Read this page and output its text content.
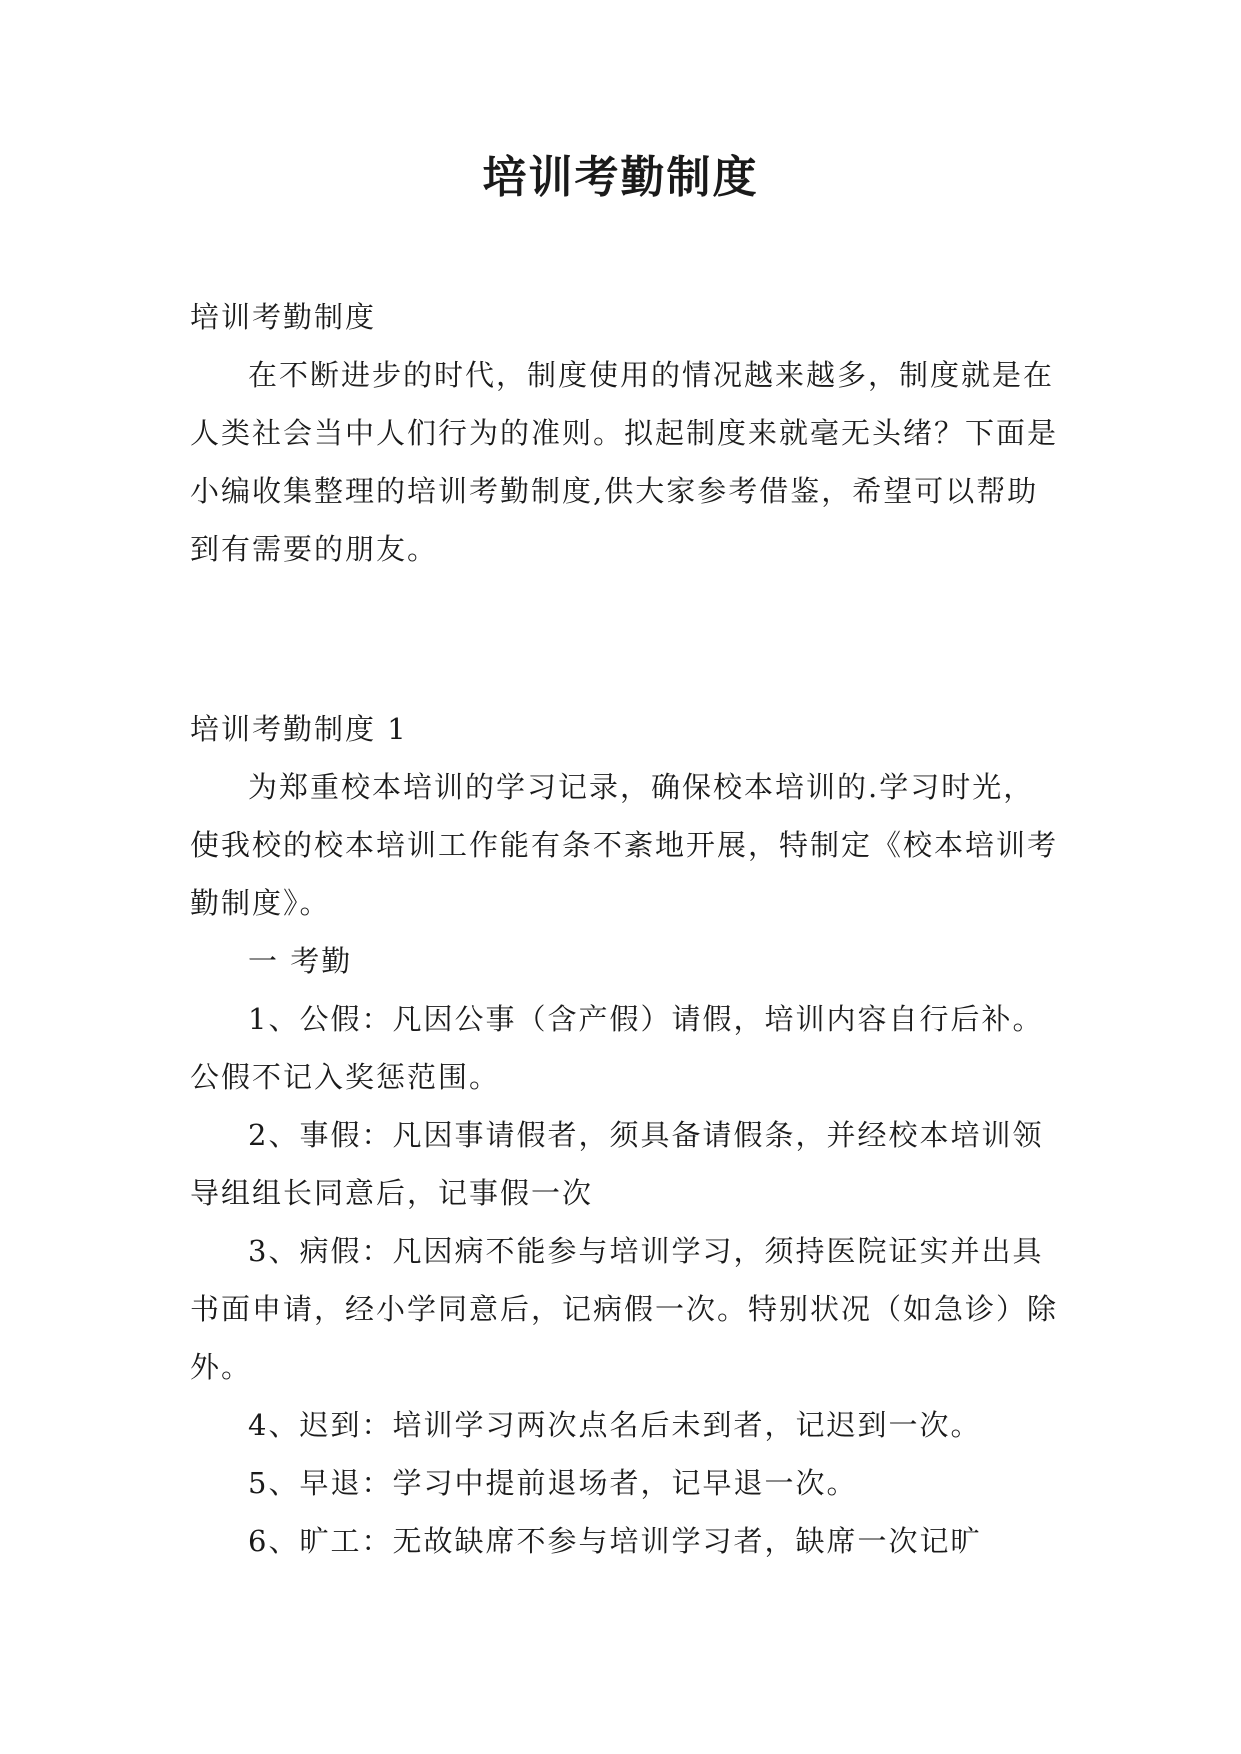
培训考勤制度

培训考勤制度

在不断进步的时代，制度使用的情况越来越多，制度就是在人类社会当中人们行为的准则。拟起制度来就毫无头绪？下面是小编收集整理的培训考勤制度,供大家参考借鉴，希望可以帮助到有需要的朋友。

培训考勤制度 1

为郑重校本培训的学习记录，确保校本培训的.学习时光，使我校的校本培训工作能有条不紊地开展，特制定《校本培训考勤制度》。

一 考勤

1、公假：凡因公事（含产假）请假，培训内容自行后补。公假不记入奖惩范围。

2、事假：凡因事请假者，须具备请假条，并经校本培训领导组组长同意后，记事假一次

3、病假：凡因病不能参与培训学习，须持医院证实并出具书面申请，经小学同意后，记病假一次。特别状况（如急诊）除外。

4、迟到：培训学习两次点名后未到者，记迟到一次。

5、早退：学习中提前退场者，记早退一次。

6、旷工：无故缺席不参与培训学习者，缺席一次记旷
